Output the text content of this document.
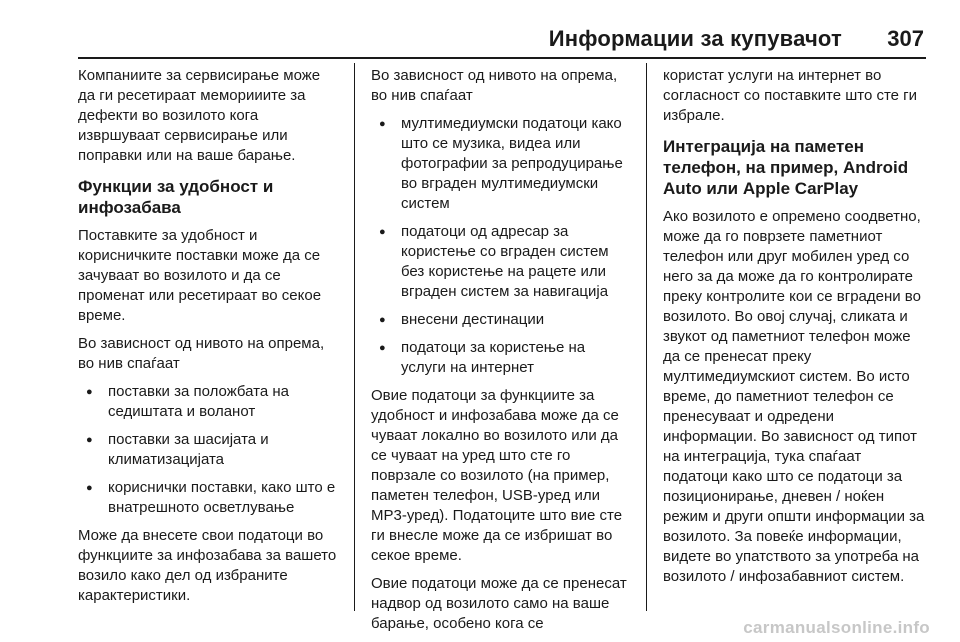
Информации за купувачот 307

Компаниите за сервисирање може да ги ресетираат меморииите за дефекти во возилото кога извршуваат сервисирање или поправки или на ваше барање.

Функции за удобност и инфозабава

Поставките за удобност и корисничките поставки може да се зачуваат во возилото и да се променат или ресетираат во секое време.

Во зависност од нивото на опрема, во нив спаѓаат

● поставки за положбата на седиштата и воланот
● поставки за шасијата и климатизацијата
● кориснички поставки, како што е внатрешното осветлување

Може да внесете свои податоци во функциите за инфозабава за вашето возило како дел од избраните карактеристики.

Во зависност од нивото на опрема, во нив спаѓаат

● мултимедиумски податоци како што се музика, видеа или фотографии за репродуцирање во вграден мултимедиумски систем
● податоци од адресар за користење со вграден систем без користење на рацете или вграден систем за навигација
● внесени дестинации
● податоци за користење на услуги на интернет

Овие податоци за функциите за удобност и инфозабава може да се чуваат локално во возилото или да се чуваат на уред што сте го поврзале со возилото (на пример, паметен телефон, USB-уред или MP3-уред). Податоците што вие сте ги внесле може да се избришат во секое време.

Овие податоци може да се пренесат надвор од возилото само на ваше барање, особено кога се

користат услуги на интернет во согласност со поставките што сте ги избрале.

Интеграција на паметен телефон, на пример, Android Auto или Apple CarPlay

Ако возилото е опремено соодветно, може да го поврзете паметниот телефон или друг мобилен уред со него за да може да го контролирате преку контролите кои се вградени во возилото. Во овој случај, сликата и звукот од паметниот телефон може да се пренесат преку мултимедиумскиот систем. Во исто време, до паметниот телефон се пренесуваат и одредени информации. Во зависност од типот на интеграција, тука спаѓаат податоци како што се податоци за позиционирање, дневен / ноќен режим и други општи информации за возилото. За повеќе информации, видете во упатството за употреба на возилото / инфозабавниот систем.

carmanualsonline.info
